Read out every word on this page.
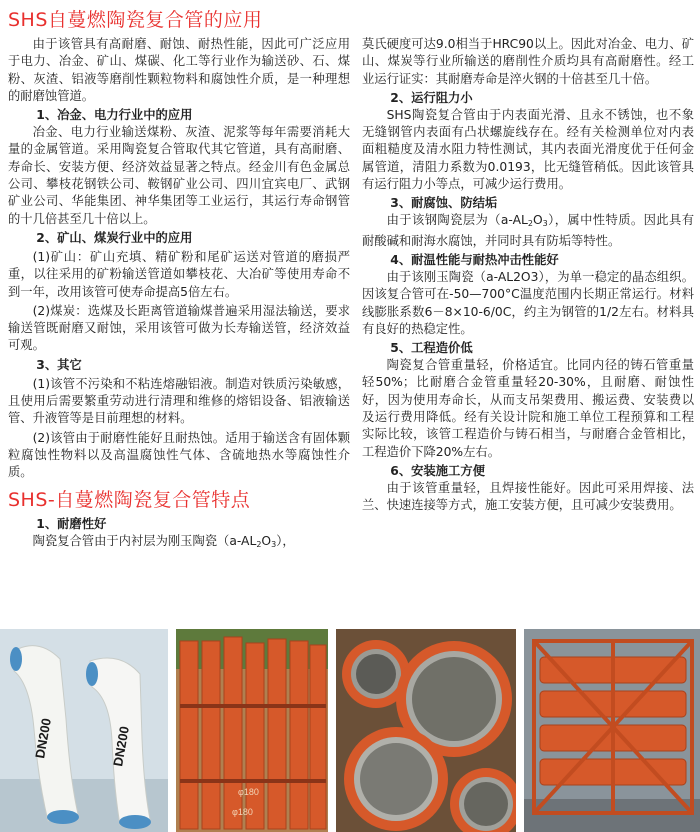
SHS自蔓燃陶瓷复合管的应用

由于该管具有高耐磨、耐蚀、耐热性能，因此可广泛应用于电力、冶金、矿山、煤碳、化工等行业作为输送砂、石、煤粉、灰渣、铝液等磨削性颗粒物料和腐蚀性介质，是一种理想的耐磨蚀管道。

1、冶金、电力行业中的应用

冶金、电力行业输送煤粉、灰渣、泥浆等每年需要消耗大量的金属管道。采用陶瓷复合管取代其它管道，具有高耐磨、寿命长、安装方便、经济效益显著之特点。经金川有色金属总公司、攀枝花钢铁公司、鞍钢矿业公司、四川宜宾电厂、武钢矿业公司、华能集团、神华集团等工业运行，其运行寿命钢管的十几倍甚至几十倍以上。

2、矿山、煤炭行业中的应用

(1)矿山：矿山充填、精矿粉和尾矿运送对管道的磨损严重，以往采用的矿粉输送管道如攀枝花、大冶矿等使用寿命不到一年，改用该管可使寿命提高5倍左右。

(2)煤炭：选煤及长距离管道输煤普遍采用湿法输送，要求输送管既耐磨又耐蚀，采用该管可做为长寿输送管，经济效益可观。

3、其它

(1)该管不污染和不粘连熔融铝液。制造对铁质污染敏感，且使用后需要繁重劳动进行清理和维修的熔铝设备、铝液输送管、升液管等是目前理想的材料。

(2)该管由于耐磨性能好且耐热蚀。适用于输送含有固体颗粒腐蚀性物料以及高温腐蚀性气体、含硫地热水等腐蚀性介质。

SHS-自蔓燃陶瓷复合管特点
1、耐磨性好

陶瓷复合管由于内衬层为刚玉陶瓷$(a-AL_2O_3)$，

莫氏硬度可达9.0相当于HRC90以上。因此对冶金、电力、矿山、煤炭等行业所输送的磨削性介质均具有高耐磨性。经工业运行证实：其耐磨寿命是淬火钢的十倍甚至几十倍。

2、运行阻力小

SHS陶瓷复合管由于内表面光滑、且永不锈蚀，也不象无缝钢管内表面有凸状螺旋线存在。经有关检测单位对内表面粗糙度及清水阻力特性测试，其内表面光滑度优于任何金属管道，清阻力系数为0.0193，比无缝管稍低。因此该管具有运行阻力小等点，可减少运行费用。

3、耐腐蚀、防结垢

由于该钢陶瓷层为$(a-AL_2O_3)$，属中性特质。因此具有耐酸碱和耐海水腐蚀，并同时具有防垢等特性。

4、耐温性能与耐热冲击性能好

由于该刚玉陶瓷（a-AL2O3），为单一稳定的晶态组织。因该复合管可在-50—700°C温度范围内长期正常运行。材料线膨胀系数6－8×10-6/0C，约主为钢管的1/2左右。材料具有良好的热稳定性。

5、工程造价低

陶瓷复合管重量轻，价格适宜。比同内径的铸石管重量轻50%；比耐磨合金管重量轻20-30%，且耐磨、耐蚀性好，因为使用寿命长，从而支吊架费用、搬运费、安装费以及运行费用降低。经有关设计院和施工单位工程预算和工程实际比较，该管工程造价与铸石相当，与耐磨合金管相比，工程造价下降20%左右。

6、安装施工方便

由于该管重量轻，且焊接性能好。因此可采用焊接、法兰、快速连接等方式，施工安装方便，且可减少安装费用。

DN200	DN200
φ180
φ180
